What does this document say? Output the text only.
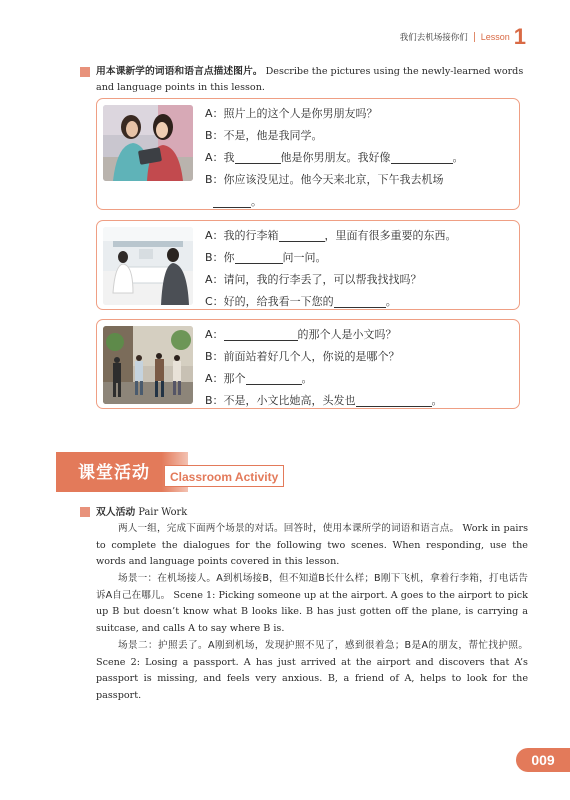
我们去机场接你们 Lesson 1
用本课新学的词语和语言点描述图片。 Describe the pictures using the newly-learned words and language points in this lesson.
A：照片上的这个人是你男朋友吗？
B：不是，他是我同学。
A：我	他是你男朋友。我好像	。
B：你应该没见过。他今天来北京，下午我去机场
。
A：我的行李箱	，里面有很多重要的东西。
B：你	问一问。
A：请问，我的行李丢了，可以帮我找找吗？
C：好的，给我看一下您的	。
A：	的那个人是小文吗？
B：前面站着好几个人，你说的是哪个？
A：那个	。
B：不是，小文比她高，头发也	。
课堂活动	Classroom Activity
双人活动 Pair Work
两人一组，完成下面两个场景的对话。回答时，使用本课所学的词语和语言点。 Work in pairs to complete the dialogues for the following two scenes. When responding, use the words and language points covered in this lesson.
场景一：在机场接人。A到机场接B，但不知道B长什么样；B刚下飞机，拿着行李箱，打电话告诉A自己在哪儿。 Scene 1: Picking someone up at the airport. A goes to the airport to pick up B but doesn’t know what B looks like. B has just gotten off the plane, is carrying a suitcase, and calls A to say where B is.
场景二：护照丢了。A刚到机场，发现护照不见了，感到很着急；B是A的朋友，帮忙找护照。 Scene 2: Losing a passport. A has just arrived at the airport and discovers that A’s passport is missing, and feels very anxious. B, a friend of A, helps to look for the passport.
009
